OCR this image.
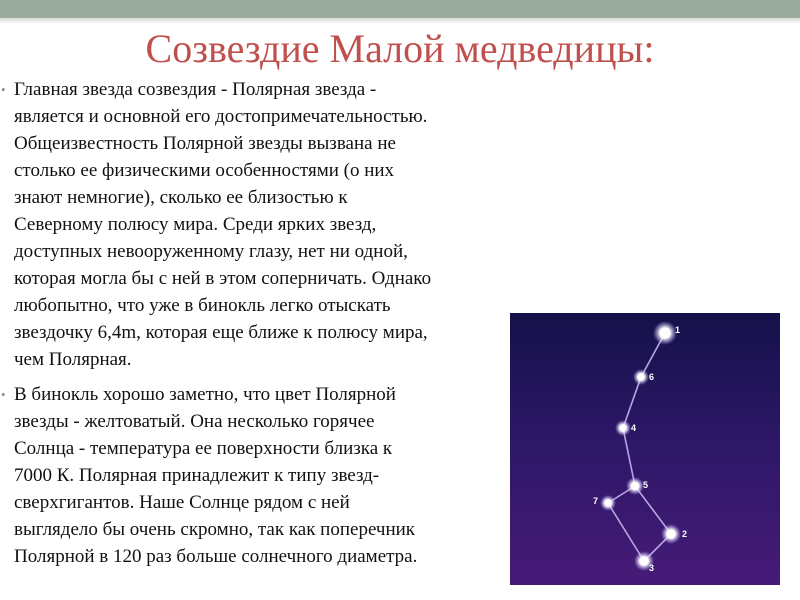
Созвездие Малой медведицы:
• Главная звезда созвездия - Полярная звезда -
является и основной его достопримечательностью.
Общеизвестность Полярной звезды вызвана не
столько ее физическими особенностями (о них
знают немногие), сколько ее близостью к
Северному полюсу мира. Среди ярких звезд,
доступных невооруженному глазу, нет ни одной,
которая могла бы с ней в этом соперничать. Однако
любопытно, что уже в бинокль легко отыскать
звездочку 6,4m, которая еще ближе к полюсу мира,
чем Полярная.
• В бинокль хорошо заметно, что цвет Полярной
звезды - желтоватый. Она несколько горячее
Солнца - температура ее поверхности близка к
7000 К. Полярная принадлежит к типу звезд-
сверхгигантов. Наше Солнце рядом с ней
выглядело бы очень скромно, так как поперечник
Полярной в 120 раз больше солнечного диаметра.
1
6
4
5
7
2
3
